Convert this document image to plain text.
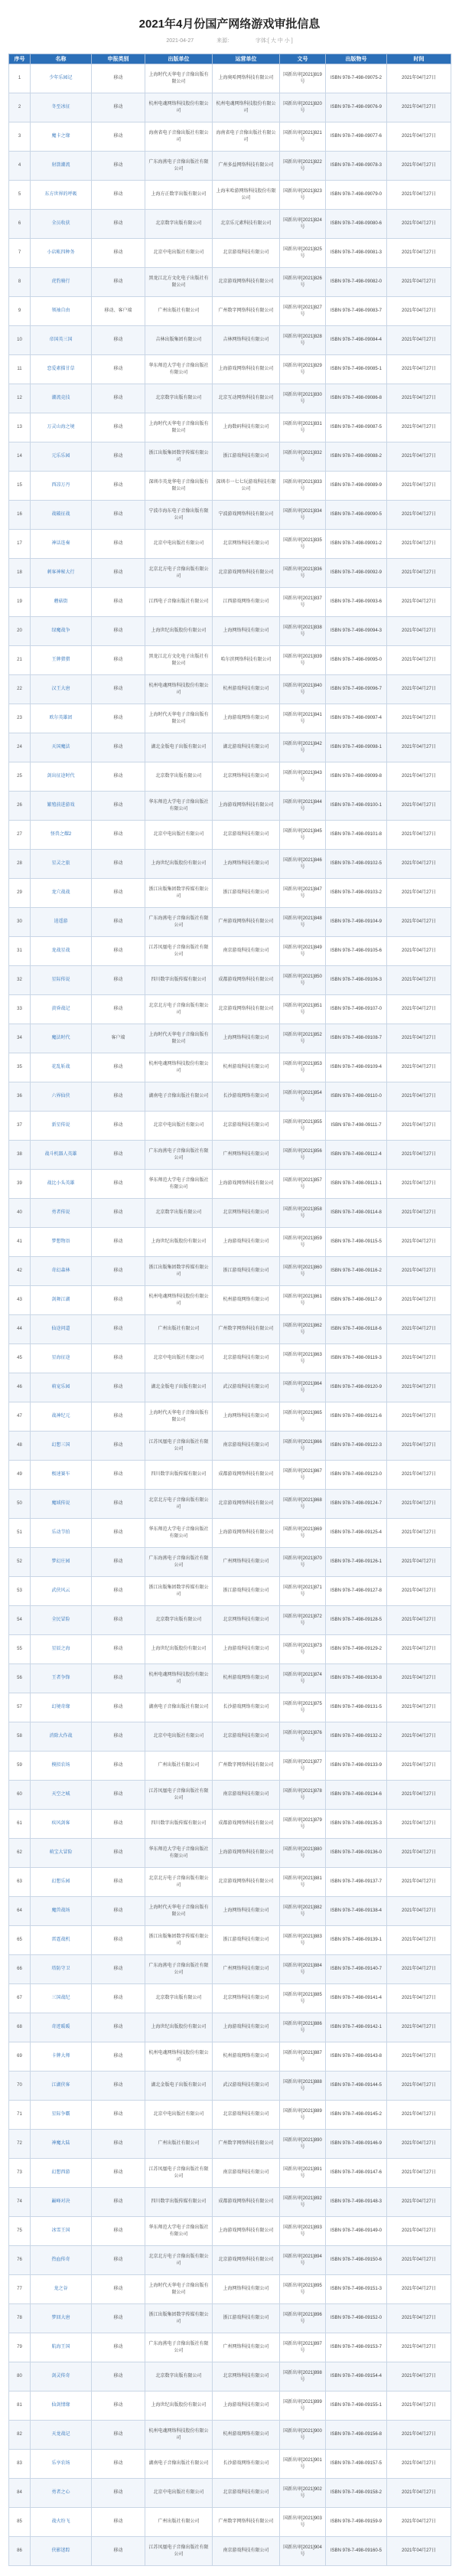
2021年4月份国产网络游戏审批信息
2021-04-27	来源：	字体:[ 大 中 小 ]
序号	名称	申报类别	出版单位	运营单位	文号	出版物号	时间
1	少年乐园记	移动	上海时代天华电子音像出版有限公司	上海奥哈网络科技有限公司	国新出审[2021]819号	ISBN 978-7-498-09075-2	2021年04月27日
2	冬至冰征	移动	杭州电魂网络科技股份有限公司	杭州电魂网络科技股份有限公司	国新出审[2021]820号	ISBN 978-7-498-09076-9	2021年04月27日
3	魔卡之缘	移动	海南省电子音像出版社有限公司	海南省电子音像出版社有限公司	国新出审[2021]821号	ISBN 978-7-498-09077-6	2021年04月27日
4	射箭潮流	移动	广东海燕电子音像出版社有限公司	广州多益网络科技有限公司	国新出审[2021]822号	ISBN 978-7-498-09078-3	2021年04月27日
5	东方世界的呼吸	移动	上海方正数字出版有限公司	上海米哈游网络科技股份有限公司	国新出审[2021]823号	ISBN 978-7-498-09079-0	2021年04月27日
6	全员收获	移动	北京数字出版有限公司	北京乐元素科技有限公司	国新出审[2021]824号	ISBN 978-7-498-09080-6	2021年04月27日
7	小店帐四种务	移动	北京中电出版社有限公司	北京游戏科技有限公司	国新出审[2021]825号	ISBN 978-7-498-09081-3	2021年04月27日
8	虎豹骑行	移动	黑龙江北方文化电子出版社有限公司	北京游戏网络科技有限公司	国新出审[2021]826号	ISBN 978-7-498-09082-0	2021年04月27日
9	领袖自由	移动、客户端	广州出版社有限公司	广州数字网络科技有限公司	国新出审[2021]827号	ISBN 978-7-498-09083-7	2021年04月27日
10	帝国英三国	移动	吉林出版集团有限公司	吉林网络科技有限公司	国新出审[2021]828号	ISBN 978-7-498-09084-4	2021年04月27日
11	恋爱素描甘草	移动	华东师范大学电子音像出版社有限公司	上海游戏网络科技有限公司	国新出审[2021]829号	ISBN 978-7-498-09085-1	2021年04月27日
12	潮流竞技	移动	北京数字出版有限公司	北京互动网络科技有限公司	国新出审[2021]830号	ISBN 978-7-498-09086-8	2021年04月27日
13	万灵山海之境	移动	上海时代天华电子音像出版有限公司	上海数码科技有限公司	国新出审[2021]831号	ISBN 978-7-498-09087-5	2021年04月27日
14	元乐乐园	移动	浙江出版集团数字传媒有限公司	浙江游戏科技有限公司	国新出审[2021]832号	ISBN 978-7-498-09088-2	2021年04月27日
15	西凉万丹	移动	深圳市英龙华电子音像出版有限公司	深圳市一七七玩游戏科技有限公司	国新出审[2021]833号	ISBN 978-7-498-09089-9	2021年04月27日
16	战破征战	移动	宁波市海东电子音像出版有限公司	宁波游戏网络科技有限公司	国新出审[2021]834号	ISBN 978-7-498-09090-5	2021年04月27日
17	神话连奏	移动	北京中电出版社有限公司	北京网络科技有限公司	国新出审[2021]835号	ISBN 978-7-498-09091-2	2021年04月27日
18	刺客神秘大行	移动	北京北方电子音像出版有限公司	北京游戏网络科技有限公司	国新出审[2021]836号	ISBN 978-7-498-09092-9	2021年04月27日
19	蘑菇街	移动	江西电子音像出版社有限公司	江西游戏网络有限公司	国新出审[2021]837号	ISBN 978-7-498-09093-6	2021年04月27日
20	绿魔战争	移动	上海世纪出版股份有限公司	上海网络科技有限公司	国新出审[2021]838号	ISBN 978-7-498-09094-3	2021年04月27日
21	王牌猎猎	移动	黑龙江北方文化电子出版社有限公司	哈尔滨网络科技有限公司	国新出审[2021]839号	ISBN 978-7-498-09095-0	2021年04月27日
22	汉王大唐	移动	杭州电魂网络科技股份有限公司	杭州游戏科技有限公司	国新出审[2021]840号	ISBN 978-7-498-09096-7	2021年04月27日
23	欧尔英雄团	移动	上海时代天华电子音像出版有限公司	上海游戏网络有限公司	国新出审[2021]841号	ISBN 978-7-498-09097-4	2021年04月27日
24	天国魔法	移动	湖北金版电子出版有限公司	湖北游戏科技有限公司	国新出审[2021]842号	ISBN 978-7-498-09098-1	2021年04月27日
25	剑出征途时代	移动	北京数字出版有限公司	北京网络科技有限公司	国新出审[2021]843号	ISBN 978-7-498-09099-8	2021年04月27日
26	繁殖前进游戏	移动	华东师范大学电子音像出版社有限公司	上海游戏网络科技有限公司	国新出审[2021]844号	ISBN 978-7-498-09100-1	2021年04月27日
27	怪兽之耀2	移动	北京中电出版社有限公司	北京游戏科技有限公司	国新出审[2021]845号	ISBN 978-7-498-09101-8	2021年04月27日
28	星灵之旅	移动	上海世纪出版股份有限公司	上海网络科技有限公司	国新出审[2021]846号	ISBN 978-7-498-09102-5	2021年04月27日
29	龙穴战战	移动	浙江出版集团数字传媒有限公司	浙江游戏科技有限公司	国新出审[2021]847号	ISBN 978-7-498-09103-2	2021年04月27日
30	逍遥游	移动	广东海燕电子音像出版社有限公司	广州游戏网络科技有限公司	国新出审[2021]848号	ISBN 978-7-498-09104-9	2021年04月27日
31	龙战星战	移动	江苏凤凰电子音像出版社有限公司	南京游戏科技有限公司	国新出审[2021]849号	ISBN 978-7-498-09105-6	2021年04月27日
32	星际传说	移动	四川数字出版传媒有限公司	成都游戏网络科技有限公司	国新出审[2021]850号	ISBN 978-7-498-09106-3	2021年04月27日
33	黄昏战记	移动	北京北方电子音像出版有限公司	北京游戏网络科技有限公司	国新出审[2021]851号	ISBN 978-7-498-09107-0	2021年04月27日
34	魔法时代	客户端	上海时代天华电子音像出版有限公司	上海网络科技有限公司	国新出审[2021]852号	ISBN 978-7-498-09108-7	2021年04月27日
35	花乱斩战	移动	杭州电魂网络科技股份有限公司	杭州游戏科技有限公司	国新出审[2021]853号	ISBN 978-7-498-09109-4	2021年04月27日
36	六界仙侠	移动	湖南电子音像出版社有限公司	长沙游戏网络有限公司	国新出审[2021]854号	ISBN 978-7-498-09110-0	2021年04月27日
37	新星传说	移动	北京中电出版社有限公司	北京游戏科技有限公司	国新出审[2021]855号	ISBN 978-7-498-09111-7	2021年04月27日
38	战斗机器人英雄	移动	广东海燕电子音像出版社有限公司	广州网络科技有限公司	国新出审[2021]856号	ISBN 978-7-498-09112-4	2021年04月27日
39	战比小头英雄	移动	华东师范大学电子音像出版社有限公司	上海游戏网络科技有限公司	国新出审[2021]857号	ISBN 978-7-498-09113-1	2021年04月27日
40	勇者传说	移动	北京数字出版有限公司	北京网络科技有限公司	国新出审[2021]858号	ISBN 978-7-498-09114-8	2021年04月27日
41	梦想物语	移动	上海世纪出版股份有限公司	上海游戏科技有限公司	国新出审[2021]859号	ISBN 978-7-498-09115-5	2021年04月27日
42	奇幻森林	移动	浙江出版集团数字传媒有限公司	浙江游戏科技有限公司	国新出审[2021]860号	ISBN 978-7-498-09116-2	2021年04月27日
43	剑舞江湖	移动	杭州电魂网络科技股份有限公司	杭州游戏网络有限公司	国新出审[2021]861号	ISBN 978-7-498-09117-9	2021年04月27日
44	仙途问道	移动	广州出版社有限公司	广州数字网络科技有限公司	国新出审[2021]862号	ISBN 978-7-498-09118-6	2021年04月27日
45	星海征途	移动	北京中电出版社有限公司	北京游戏科技有限公司	国新出审[2021]863号	ISBN 978-7-498-09119-3	2021年04月27日
46	萌宠乐园	移动	湖北金版电子出版有限公司	武汉游戏科技有限公司	国新出审[2021]864号	ISBN 978-7-498-09120-9	2021年04月27日
47	战神纪元	移动	上海时代天华电子音像出版有限公司	上海网络科技有限公司	国新出审[2021]865号	ISBN 978-7-498-09121-6	2021年04月27日
48	幻想三国	移动	江苏凤凰电子音像出版社有限公司	南京游戏科技有限公司	国新出审[2021]866号	ISBN 978-7-498-09122-3	2021年04月27日
49	极速赛车	移动	四川数字出版传媒有限公司	成都游戏网络科技有限公司	国新出审[2021]867号	ISBN 978-7-498-09123-0	2021年04月27日
50	魔域传说	移动	北京北方电子音像出版有限公司	北京游戏网络科技有限公司	国新出审[2021]868号	ISBN 978-7-498-09124-7	2021年04月27日
51	乐动节拍	移动	华东师范大学电子音像出版社有限公司	上海游戏网络科技有限公司	国新出审[2021]869号	ISBN 978-7-498-09125-4	2021年04月27日
52	梦幻庄园	移动	广东海燕电子音像出版社有限公司	广州网络科技有限公司	国新出审[2021]870号	ISBN 978-7-498-09126-1	2021年04月27日
53	武侠风云	移动	浙江出版集团数字传媒有限公司	浙江游戏科技有限公司	国新出审[2021]871号	ISBN 978-7-498-09127-8	2021年04月27日
54	全民冒险	移动	北京数字出版有限公司	北京网络科技有限公司	国新出审[2021]872号	ISBN 978-7-498-09128-5	2021年04月27日
55	星辰之海	移动	上海世纪出版股份有限公司	上海游戏科技有限公司	国新出审[2021]873号	ISBN 978-7-498-09129-2	2021年04月27日
56	王者争锋	移动	杭州电魂网络科技股份有限公司	杭州游戏网络有限公司	国新出审[2021]874号	ISBN 978-7-498-09130-8	2021年04月27日
57	幻境奇缘	移动	湖南电子音像出版社有限公司	长沙游戏网络有限公司	国新出审[2021]875号	ISBN 978-7-498-09131-5	2021年04月27日
58	消除大作战	移动	北京中电出版社有限公司	北京游戏科技有限公司	国新出审[2021]876号	ISBN 978-7-498-09132-2	2021年04月27日
59	模拟农场	移动	广州出版社有限公司	广州数字网络科技有限公司	国新出审[2021]877号	ISBN 978-7-498-09133-9	2021年04月27日
60	天空之城	移动	江苏凤凰电子音像出版社有限公司	南京游戏科技有限公司	国新出审[2021]878号	ISBN 978-7-498-09134-6	2021年04月27日
61	疾风剑客	移动	四川数字出版传媒有限公司	成都游戏网络科技有限公司	国新出审[2021]879号	ISBN 978-7-498-09135-3	2021年04月27日
62	萌宝大冒险	移动	华东师范大学电子音像出版社有限公司	上海游戏网络科技有限公司	国新出审[2021]880号	ISBN 978-7-498-09136-0	2021年04月27日
63	幻想乐园	移动	北京北方电子音像出版有限公司	北京游戏网络科技有限公司	国新出审[2021]881号	ISBN 978-7-498-09137-7	2021年04月27日
64	魔兽战场	移动	上海时代天华电子音像出版有限公司	上海网络科技有限公司	国新出审[2021]882号	ISBN 978-7-498-09138-4	2021年04月27日
65	雷霆战机	移动	浙江出版集团数字传媒有限公司	浙江游戏科技有限公司	国新出审[2021]883号	ISBN 978-7-498-09139-1	2021年04月27日
66	塔防守卫	移动	广东海燕电子音像出版社有限公司	广州网络科技有限公司	国新出审[2021]884号	ISBN 978-7-498-09140-7	2021年04月27日
67	三国战纪	移动	北京数字出版有限公司	北京网络科技有限公司	国新出审[2021]885号	ISBN 978-7-498-09141-4	2021年04月27日
68	奇迹暖暖	移动	上海世纪出版股份有限公司	上海游戏科技有限公司	国新出审[2021]886号	ISBN 978-7-498-09142-1	2021年04月27日
69	卡牌大师	移动	杭州电魂网络科技股份有限公司	杭州游戏网络有限公司	国新出审[2021]887号	ISBN 978-7-498-09143-8	2021年04月27日
70	江湖侠客	移动	湖北金版电子出版有限公司	武汉游戏科技有限公司	国新出审[2021]888号	ISBN 978-7-498-09144-5	2021年04月27日
71	星际争霸	移动	北京中电出版社有限公司	北京游戏科技有限公司	国新出审[2021]889号	ISBN 978-7-498-09145-2	2021年04月27日
72	神魔大陆	移动	广州出版社有限公司	广州数字网络科技有限公司	国新出审[2021]890号	ISBN 978-7-498-09146-9	2021年04月27日
73	幻想西游	移动	江苏凤凰电子音像出版社有限公司	南京游戏科技有限公司	国新出审[2021]891号	ISBN 978-7-498-09147-6	2021年04月27日
74	巅峰对决	移动	四川数字出版传媒有限公司	成都游戏网络科技有限公司	国新出审[2021]892号	ISBN 978-7-498-09148-3	2021年04月27日
75	冰雪王国	移动	华东师范大学电子音像出版社有限公司	上海游戏网络科技有限公司	国新出审[2021]893号	ISBN 978-7-498-09149-0	2021年04月27日
76	热血传奇	移动	北京北方电子音像出版有限公司	北京游戏网络科技有限公司	国新出审[2021]894号	ISBN 978-7-498-09150-6	2021年04月27日
77	龙之谷	移动	上海时代天华电子音像出版有限公司	上海网络科技有限公司	国新出审[2021]895号	ISBN 978-7-498-09151-3	2021年04月27日
78	梦回大唐	移动	浙江出版集团数字传媒有限公司	浙江游戏科技有限公司	国新出审[2021]896号	ISBN 978-7-498-09152-0	2021年04月27日
79	航海王国	移动	广东海燕电子音像出版社有限公司	广州网络科技有限公司	国新出审[2021]897号	ISBN 978-7-498-09153-7	2021年04月27日
80	剑灵传奇	移动	北京数字出版有限公司	北京网络科技有限公司	国新出审[2021]898号	ISBN 978-7-498-09154-4	2021年04月27日
81	仙剑情缘	移动	上海世纪出版股份有限公司	上海游戏科技有限公司	国新出审[2021]899号	ISBN 978-7-498-09155-1	2021年04月27日
82	天龙战记	移动	杭州电魂网络科技股份有限公司	杭州游戏网络有限公司	国新出审[2021]900号	ISBN 978-7-498-09156-8	2021年04月27日
83	乐享农场	移动	湖南电子音像出版社有限公司	长沙游戏网络有限公司	国新出审[2021]901号	ISBN 978-7-498-09157-5	2021年04月27日
84	勇者之心	移动	北京中电出版社有限公司	北京游戏科技有限公司	国新出审[2021]902号	ISBN 978-7-498-09158-2	2021年04月27日
85	战火纷飞	移动	广州出版社有限公司	广州数字网络科技有限公司	国新出审[2021]903号	ISBN 978-7-498-09159-9	2021年04月27日
86	侠影迷踪	移动	江苏凤凰电子音像出版社有限公司	南京游戏科技有限公司	国新出审[2021]904号	ISBN 978-7-498-09160-5	2021年04月27日
